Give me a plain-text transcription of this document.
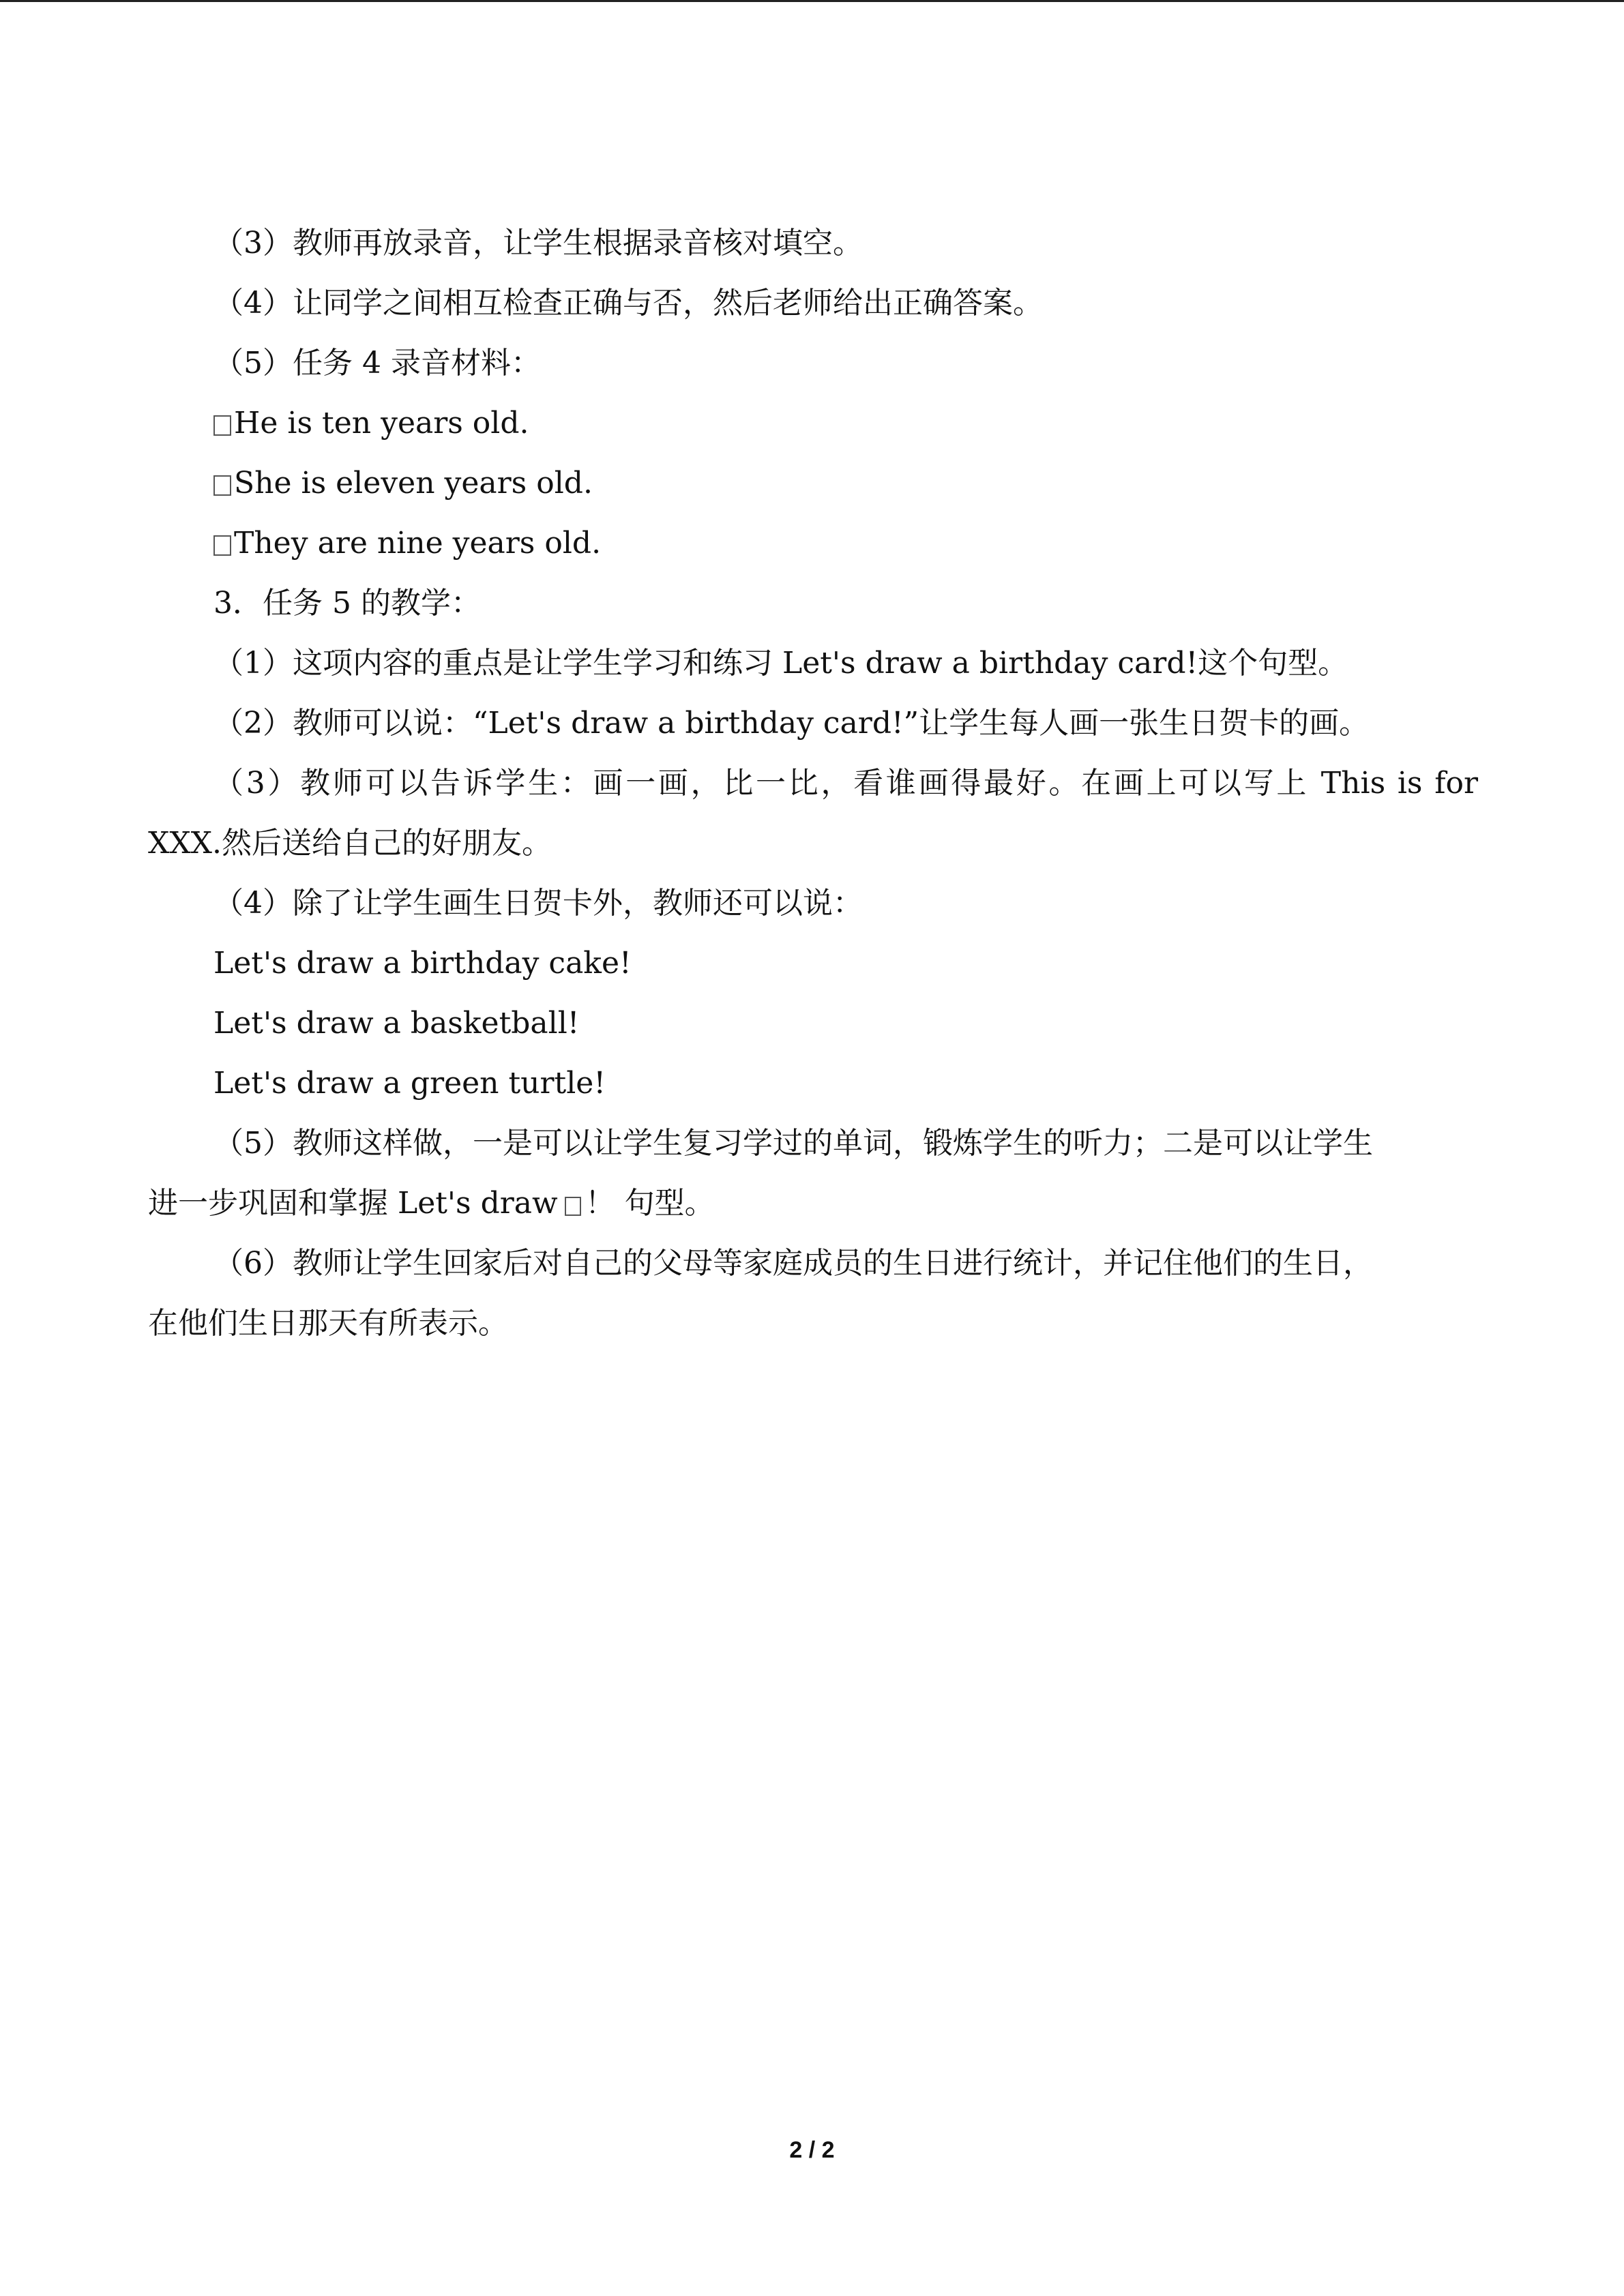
（3）教师再放录音，让学生根据录音核对填空。
（4）让同学之间相互检查正确与否，然后老师给出正确答案。
（5）任务 4 录音材料：
He is ten years old.
She is eleven years old.
They are nine years old.
3．任务 5 的教学：
（1）这项内容的重点是让学生学习和练习 Let's draw a birthday card!这个句型。
（2）教师可以说：“Let's draw a birthday card!”让学生每人画一张生日贺卡的画。
（3）教师可以告诉学生：画一画，比一比，看谁画得最好。在画上可以写上 This is for
XXX.然后送给自己的好朋友。
（4）除了让学生画生日贺卡外，教师还可以说：
Let's draw a birthday cake!
Let's draw a basketball!
Let's draw a green turtle!
（5）教师这样做，一是可以让学生复习学过的单词，锻炼学生的听力；二是可以让学生
进一步巩固和掌握 Let's draw ！ 句型。
（6）教师让学生回家后对自己的父母等家庭成员的生日进行统计，并记住他们的生日，
在他们生日那天有所表示。
2 / 2
